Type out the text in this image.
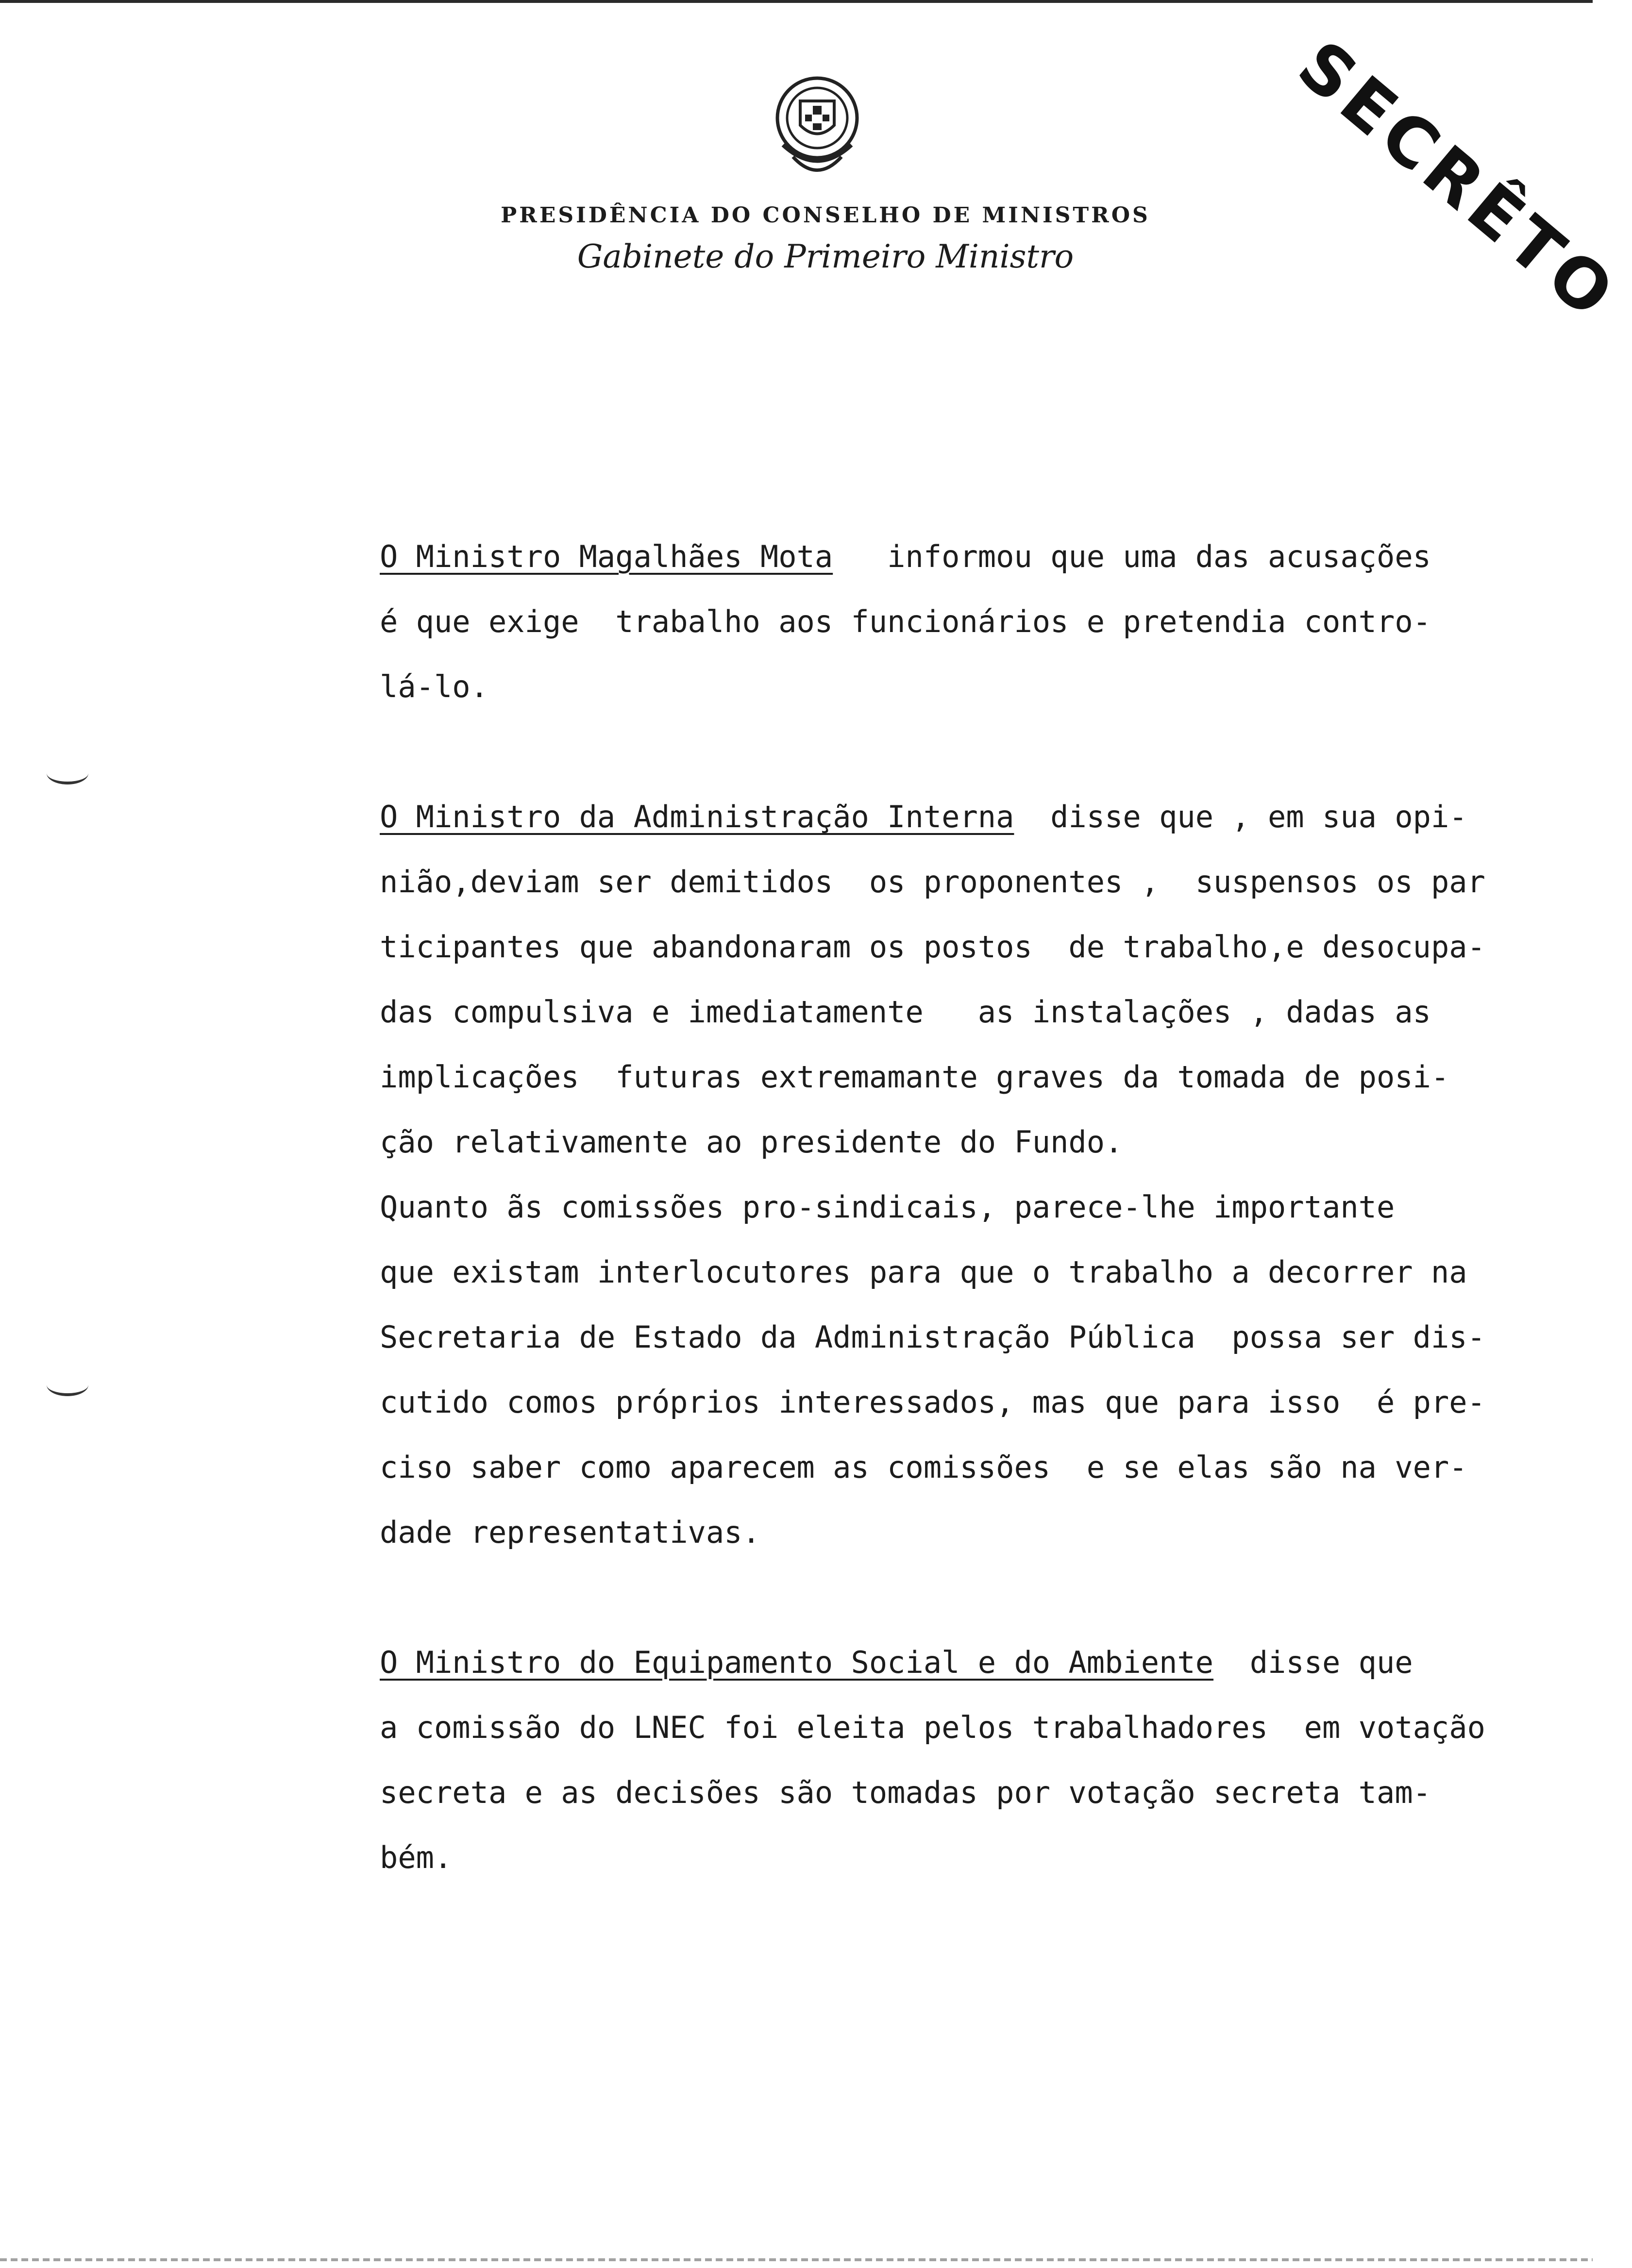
PRESIDÊNCIA DO CONSELHO DE MINISTROS
Gabinete do Primeiro Ministro	SECRÊTO

O Ministro Magalhães Mota   informou que uma das acusações

é que exige  trabalho aos funcionários e pretendia contro-

lá-lo.

O Ministro da Administração Interna  disse que , em sua opi-

nião,deviam ser demitidos  os proponentes ,  suspensos os par

ticipantes que abandonaram os postos  de trabalho,e desocupa-

das compulsiva e imediatamente   as instalações , dadas as

implicações  futuras extremamante graves da tomada de posi-

ção relativamente ao presidente do Fundo.

Quanto ãs comissões pro-sindicais, parece-lhe importante

que existam interlocutores para que o trabalho a decorrer na

Secretaria de Estado da Administração Pública  possa ser dis-

cutido comos próprios interessados, mas que para isso  é pre-

ciso saber como aparecem as comissões  e se elas são na ver-

dade representativas.

O Ministro do Equipamento Social e do Ambiente  disse que

a comissão do LNEC foi eleita pelos trabalhadores  em votação

secreta e as decisões são tomadas por votação secreta tam-

bém.
